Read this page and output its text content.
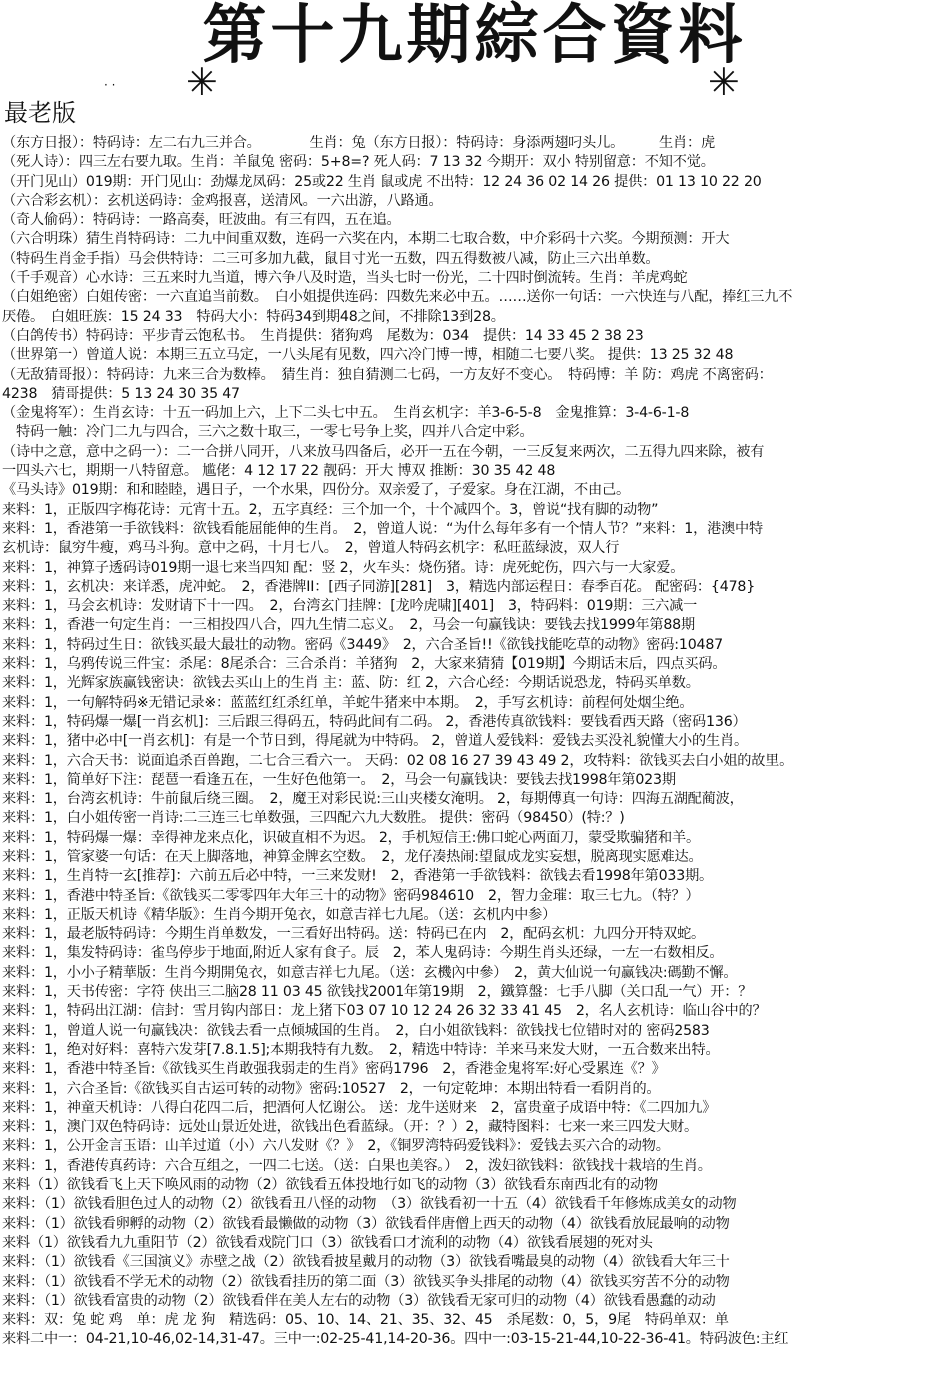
第十九期綜合資料
✳	✳
· ·
最老版
（东方日报）：特码诗：左二右九三并合。　　　　生肖：兔（东方日报）：特码诗：身添两翅叼头儿。　　　生肖：虎
（死人诗）：四三左右要九取。生肖：羊鼠兔 密码：5+8=? 死人码：7 13 32 今期开：双小 特别留意：不知不觉。
（开门见山）019期：开门见山：劲爆龙凤码：25或22 生肖 鼠或虎 不出特：12 24 36 02 14 26 提供：01 13 10 22 20
（六合彩玄机）：玄机送码诗：金鸡报喜，送清风。一六出游，八路通。
（奇人偷码）：特码诗：一路高奏，旺波曲。有三有四，五在追。
（六合明珠）猜生肖特码诗：二九中间重双数，连码一六奖在内，本期二七取合数，中介彩码十六奖。今期预测：开大
（特码生肖金手指）马会供特诗：二三可多加九截，鼠目寸光一五数，四五得数被八减，防止三六出单数。
（千手观音）心水诗：三五来时九当道，博六争八及时造，当头七时一份光，二十四时倒流转。生肖：羊虎鸡蛇
（白姐绝密）白姐传密：一六直追当前数。　白小姐提供连码：四数先来必中五。……送你一句话：一六快连与八配，捧红三九不
厌倦。　白姐旺族：15 24 33　特码大小：特码34到期48之间，不排除13到28。
（白鸽传书）特码诗：平步青云饱私书。　生肖提供：猪狗鸡　尾数为：034　提供：14 33 45 2 38 23
（世界第一）曾道人说：本期三五立马定，一八头尾有见数，四六冷门博一博，相随二七要八奖。 提供：13 25 32 48
（无敌猜哥报）：特码诗：九来三合为数棒。　猜生肖：独自猜测二七码，一方友好不变心。　特码博：羊 防：鸡虎 不离密码：
4238　猜哥提供：5 13 24 30 35 47
（金鬼将军）：生肖玄诗：十五一码加上六，上下二头七中五。　生肖玄机字：羊3-6-5-8　金鬼推算：3-4-6-1-8
　特码一触：冷门二九与四合，三六之数十取三，一零七号争上奖，四并八合定中彩。
（诗中之意，意中之码一）：二一合拼八同开，八来放马四备后，必开一五在今朝，一三反复来两次，二五得九四来除，被有
一四头六七，期期一八特留意。 尴佬：4 12 17 22 靓码：开大 博双 推断：30 35 42 48
《马头诗》019期：和和睦睦，遇日子，一个水果，四份分。双亲爱了，子爱家。身在江湖，不由己。
来料：1，正版四字梅花诗：元宵十五。2，五字真经：三个加一个，十个减四个。3，曾说“找有脚的动物”
来料：1，香港第一手欲钱料：欲钱看能屈能伸的生肖。　2，曾道人说：“为什么每年多有一个情人节？”来料：1，港澳中特
玄机诗：鼠穷牛瘦，鸡马斗狗。意中之码，十月七八。　2，曾道人特码玄机字：私旺蓝绿波，双人行
来料：1，神算子透码诗019期一退七来当四知 配：竖 2，火车头：烧伤猪。诗：虎死蛇伤，四六与一大家爱。
来料：1，玄机决：来详悉，虎冲蛇。　2，香港牌II：[西子同游][281]　3，精选内部运程日：春季百花。 配密码：{478}
来料：1，马会玄机诗：发财请下十一四。　2，台湾玄门挂牌：[龙吟虎啸][401]　3，特码料：019期：三六减一
来料：1，香港一句定生肖：一三相投四八合，四九生情二忘义。　2，马会一句赢钱诀：要钱去找1999年第88期
来料：1，特码过生日：欲钱买最大最壮的动物。密码《3449》　2，六合圣旨!!《欲钱找能吃草的动物》密码:10487
来料：1，乌鸦传说三件宝：杀尾：8尾杀合：三合杀肖：羊猪狗　2，大家来猜猜【019期】今期话末后，四点买码。
来料：1，光辉家族赢钱密诀：欲钱去买山上的生肖 主：蓝、防：红 2，六合心经：今期话说恐龙，特码买单数。
来料：1，一句解特码※无错记录※：蓝蓝红红杀红单，羊蛇牛猪来中本期。　2，手写玄机诗：前程何处烟尘绝。
来料：1，特码爆一爆[一肖玄机]：三后跟三得码五，特码此间有二码。 2，香港传真欲钱料：要钱看西天路（密码136）
来料：1，猪中必中[一肖玄机]：有是一个节日到，得尾就为中特码。 2，曾道人爱钱料：爱钱去买没礼貌懂大小的生肖。
来料：1，六合天书：说面追杀百兽跑，二七合三看六一。 天码：02 08 16 27 39 43 49 2，攻特料：欲钱买去白小姐的故里。
来料：1，简单好下注：琵琶一看逢五在，一生好色他第一。　2，马会一句赢钱诀：要钱去找1998年第023期
来料：1，台湾玄机诗：牛前鼠后绕三圈。　2，魔王对彩民说:三山夹楼女淹明。 2，每期傅真一句诗：四海五湖配蔺波，
来料：1，白小姐传密一肖诗:二三连三七单数强，三四配六九大数胜。 提供：密码（98450）(特:？)
来料：1，特码爆一爆：幸得神龙来点化，识破直相不为迟。 2，手机短信王:佛口蛇心两面刀，蒙受欺骗猪和羊。
来料：1，管家婆一句话：在天上脚落地，神算金牌玄空数。　2，龙仔凑热闹:望鼠成龙实妄想，脱离现实愿难达。
来料：1，生肖特一玄[推荐]：六前五后必中特，一三来发财!　2，香港第一手欲钱料：欲钱去看1998年第033期。
来料：1，香港中特圣旨:《欲钱买二零零四年大年三十的动物》密码984610　2，智力金璀：取三七九。（特？）
来料：1，正版天机诗《精华版》：生肖今期开兔衣，如意吉祥七九尾。（送：玄机内中参）
来料：1，最老版特码诗：今期生肖单数发，一三看好出特码。送：特码已在内　2，配码玄机：九四分开特双蛇。
来料：1，集发特码诗：雀鸟停步于地面,附近人家有食子。辰　2，苯人鬼码诗：今期生肖头还绿，一左一右数相反。
来料：1，小小子精華版：生肖今期開兔衣，如意吉祥七九尾。（送：玄機內中參）　2，黄大仙说一句赢钱决:碼勤不懈。
来料：1，天书传密：字符 侠出三二脑28 11 03 45 欲钱找2001年第19期　2，鐵算盤：七手八脚（关口乱一气）开：？
来料：1，特码出江湖：信封：雪月钩内部日：龙上猪下03 07 10 12 24 26 32 33 41 45　2，名人玄机诗：临山谷中的？
来料：1，曾道人说一句赢钱决：欲钱去看一点倾城国的生肖。　2，白小姐欲钱料：欲钱找七位错时对的 密码2583
来料：1，绝对好料：喜特六发芽[7.8.1.5];本期我特有九数。　2，精选中特诗：羊来马来发大财，一五合数来出特。
来料：1，香港中特圣旨:《欲钱买生肖敢强我弱走的生肖》密码1796　2，香港金鬼将军:好心受累连《？》
来料：1，六合圣旨:《欲钱买自古运可转的动物》密码:10527　2，一句定乾坤：本期出特看一看阴肖的。
来料：1，神童天机诗：八得白花四二后，把酒何人忆谢公。 送：龙牛送财来　2，富贵童子成语中特：《二四加九》
来料：1，澳门双色特码诗：远处山景近处进，欲钱出色看蓝绿。（开：？）2，藏特图料：七来一来三四发大财。
来料：1，公开金言玉语：山羊过道（小）六八发财《？》　2，《铜罗湾特码爱钱料》：爱钱去买六合的动物。
来料：1，香港传真药诗：六合互组之，一四二七送。（送：白果也美容。）　2，泼妇欲钱料：欲钱找十栽培的生肖。
来料（1）欲钱看飞上天下唤风雨的动物（2）欲钱看五体投地行如飞的动物（3）欲钱看东南西北有的动物
来料：（1）欲钱看胆色过人的动物（2）欲钱看丑八怪的动物　（3）欲钱看初一十五（4）欲钱看千年修炼成美女的动物
来料：（1）欲钱看卵孵的动物（2）欲钱看最懒做的动物（3）欲钱看伴唐僧上西天的动物（4）欲钱看放屁最响的动物
来料（1）欲钱看九九重阳节（2）欲钱看戏院门口（3）欲钱看口才流利的动物（4）欲钱看展翅的死对头
来料：（1）欲钱看《三国演义》赤壁之战（2）欲钱看披星戴月的动物（3）欲钱看嘴最臭的动物（4）欲钱看大年三十
来料：（1）欲钱看不学无术的动物（2）欲钱看挂历的第二面（3）欲钱买争头排尾的动物（4）欲钱买穷苦不分的动物
来料：（1）欲钱看富贵的动物（2）欲钱看伴在美人左右的动物（3）欲钱看无家可归的动物（4）欲钱看愚蠢的动动
来料：双：兔 蛇 鸡　单：虎 龙 狗　精选码：05、10、14、21、35、32、45　杀尾数：0，5，9尾　特码单双：单
来料二中一：04-21,10-46,02-14,31-47。三中一:02-25-41,14-20-36。四中一:03-15-21-44,10-22-36-41。特码波色:主红
